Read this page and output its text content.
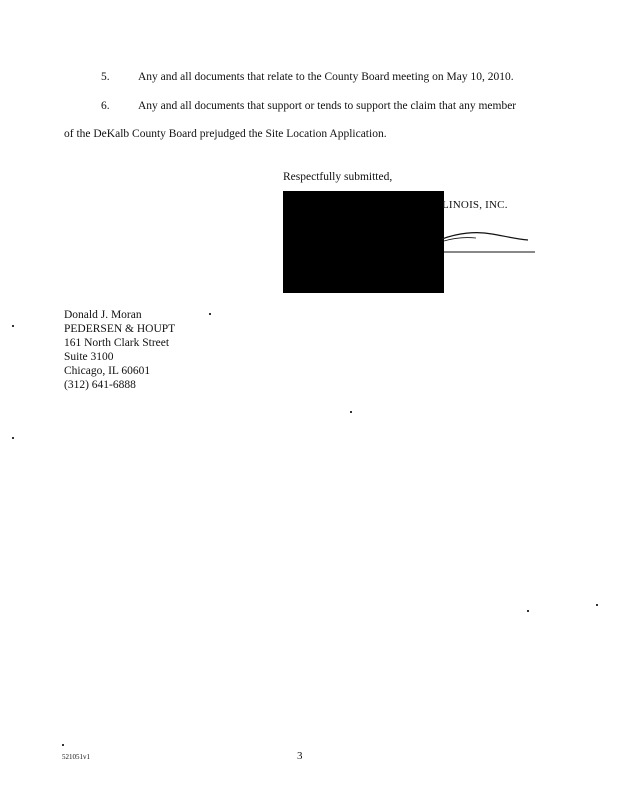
5. Any and all documents that relate to the County Board meeting on May 10, 2010.
6. Any and all documents that support or tends to support the claim that any member
of the DeKalb County Board prejudged the Site Location Application.
Respectfully submitted,
LINOIS, INC.
Donald J. Moran
PEDERSEN & HOUPT
161 North Clark Street
Suite 3100
Chicago, IL 60601
(312) 641-6888
521051v1	3
